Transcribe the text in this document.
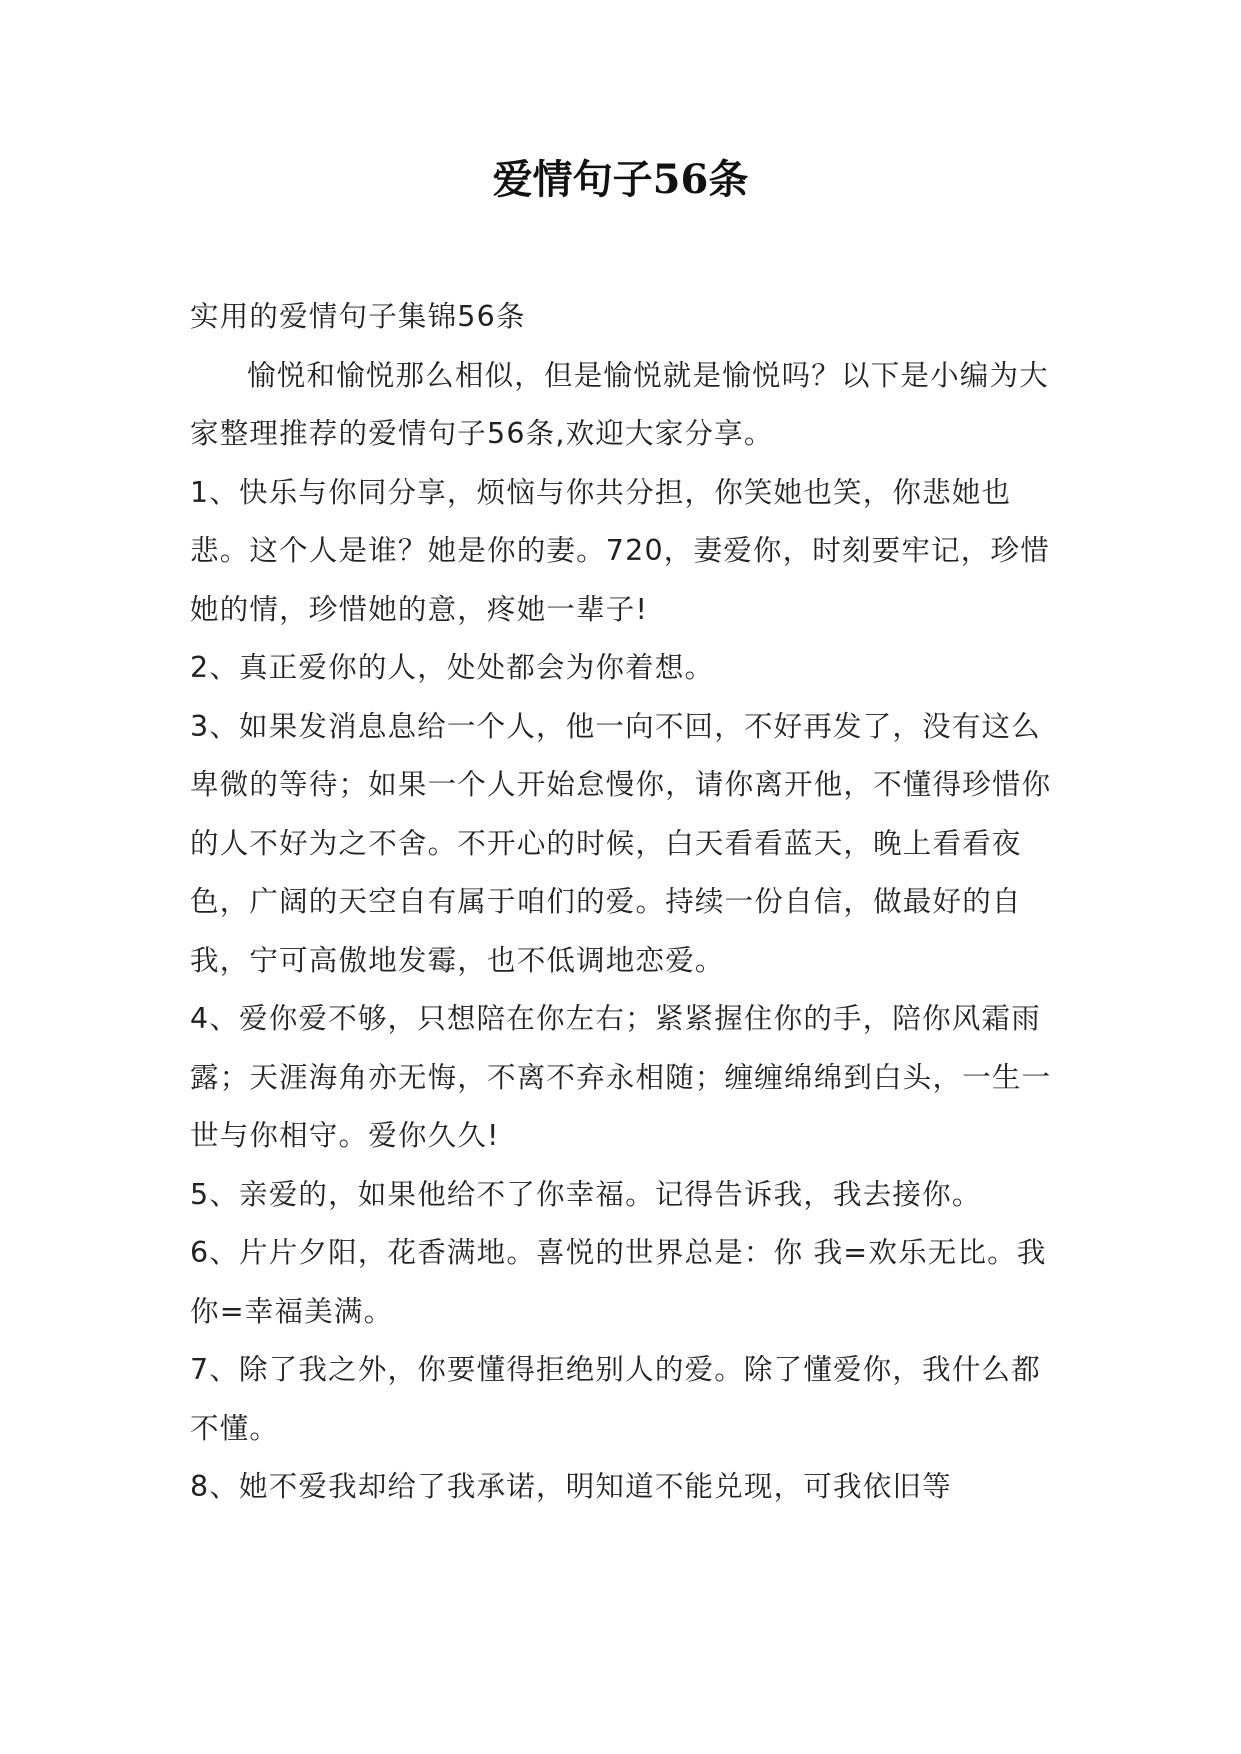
爱情句子56条

实用的爱情句子集锦56条

愉悦和愉悦那么相似，但是愉悦就是愉悦吗？以下是小编为大家整理推荐的爱情句子56条,欢迎大家分享。

1、快乐与你同分享，烦恼与你共分担，你笑她也笑，你悲她也悲。这个人是谁？她是你的妻。720，妻爱你，时刻要牢记，珍惜她的情，珍惜她的意，疼她一辈子!

2、真正爱你的人，处处都会为你着想。

3、如果发消息息给一个人，他一向不回，不好再发了，没有这么卑微的等待；如果一个人开始怠慢你，请你离开他，不懂得珍惜你的人不好为之不舍。不开心的时候，白天看看蓝天，晚上看看夜色，广阔的天空自有属于咱们的爱。持续一份自信，做最好的自我，宁可高傲地发霉，也不低调地恋爱。

4、爱你爱不够，只想陪在你左右；紧紧握住你的手，陪你风霜雨露；天涯海角亦无悔，不离不弃永相随；缠缠绵绵到白头，一生一世与你相守。爱你久久!

5、亲爱的，如果他给不了你幸福。记得告诉我，我去接你。

6、片片夕阳，花香满地。喜悦的世界总是：你 我=欢乐无比。我 你=幸福美满。

7、除了我之外，你要懂得拒绝别人的爱。除了懂爱你，我什么都不懂。

8、她不爱我却给了我承诺，明知道不能兑现，可我依旧等
